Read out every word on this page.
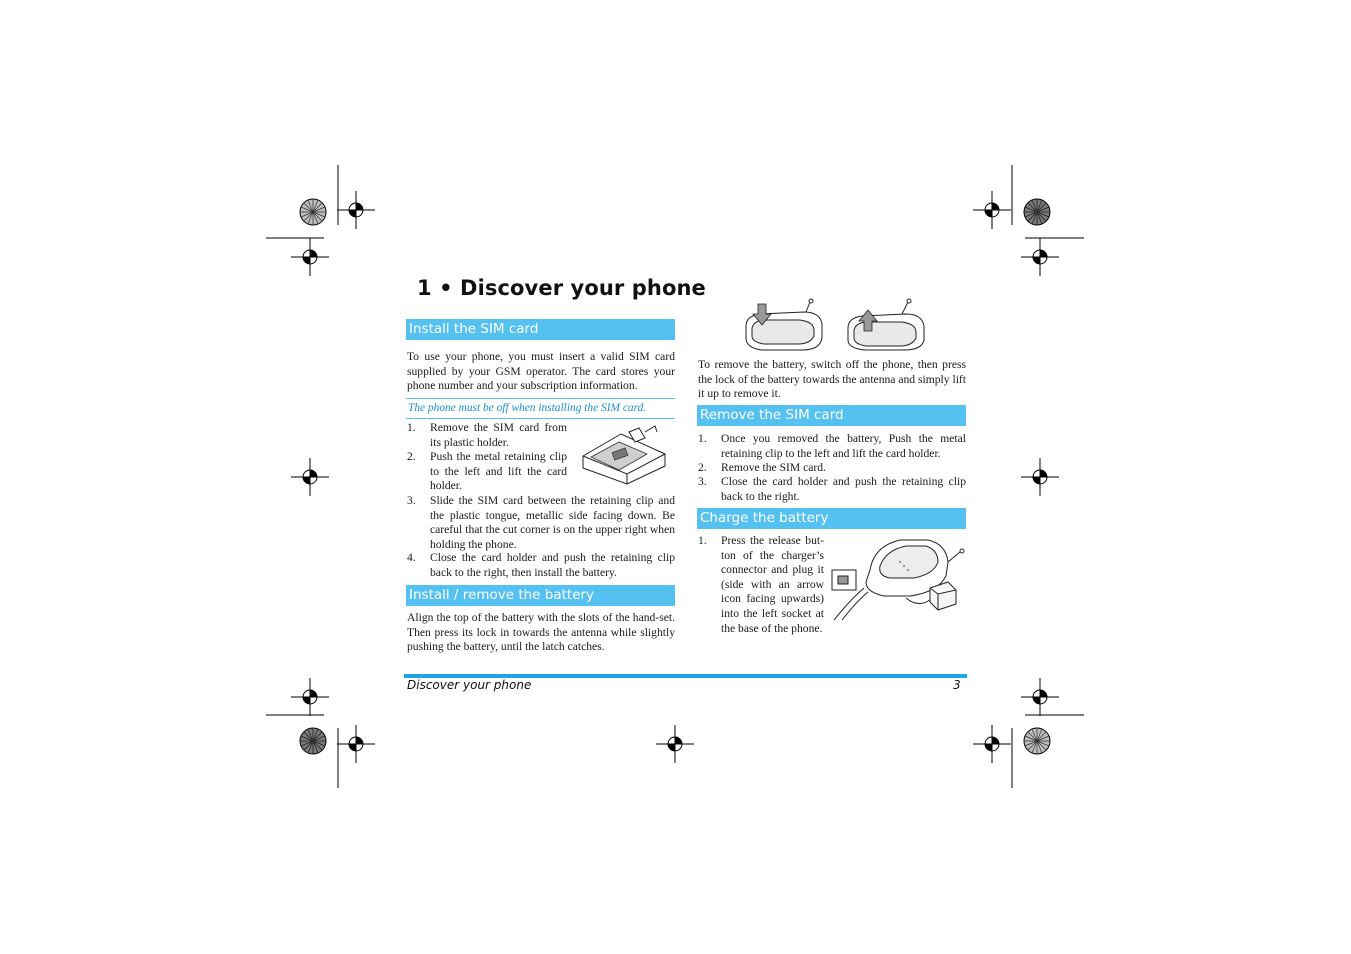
1 • Discover your phone
Install the SIM card

To use your phone, you must insert a valid SIM card supplied by your GSM operator. The card stores your phone number and your subscription information.

The phone must be off when installing the SIM card.
1. Remove the SIM card from its plastic holder.
2. Push the metal retaining clip to the left and lift the card holder.
3. Slide the SIM card between the retaining clip and the plastic tongue, metallic side facing down. Be careful that the cut corner is on the upper right when holding the phone.
4. Close the card holder and push the retaining clip back to the right, then install the battery.
Install / remove the battery

Align the top of the battery with the slots of the hand-set. Then press its lock in towards the antenna while slightly pushing the battery, until the latch catches.

To remove the battery, switch off the phone, then press the lock of the battery towards the antenna and simply lift it up to remove it.

Remove the SIM card
1. Once you removed the battery, Push the metal retaining clip to the left and lift the card holder.
2. Remove the SIM card.
3. Close the card holder and push the retaining clip back to the right.
Charge the battery
1. Press the release but-ton of the charger’s connector and plug it (side with an arrow icon facing upwards) into the left socket at the base of the phone.
Discover your phone	3
